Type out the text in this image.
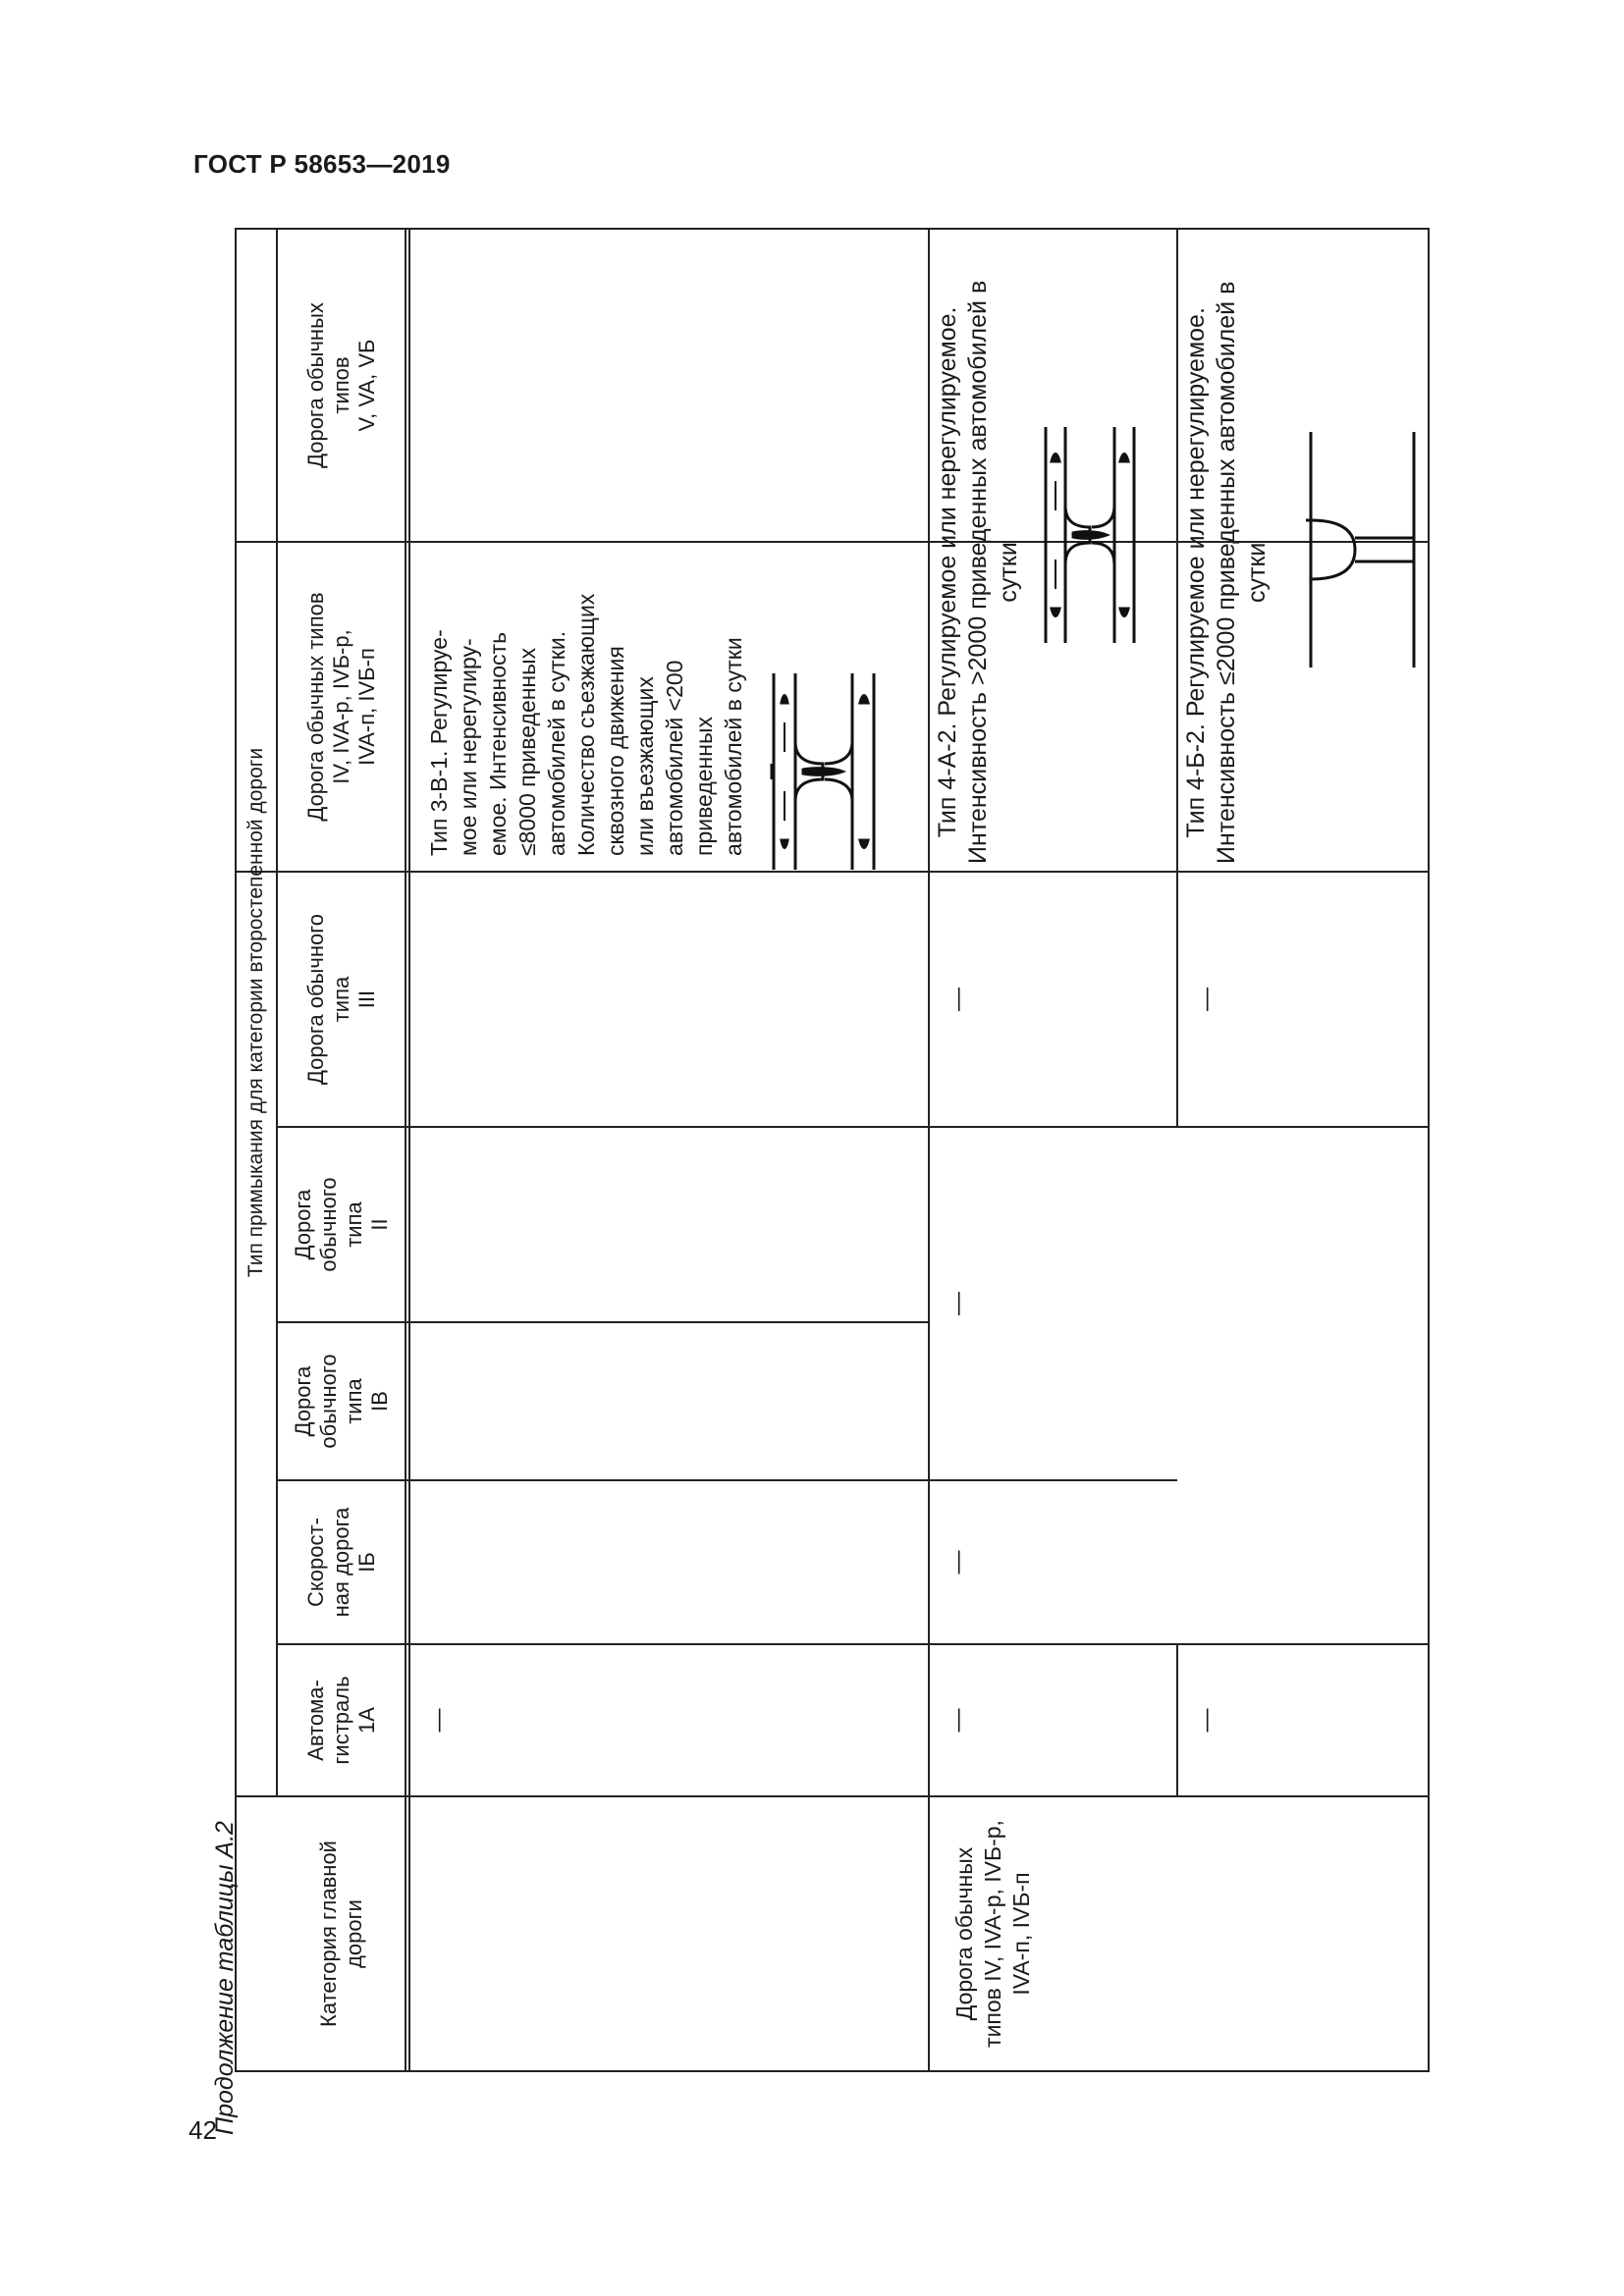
ГОСТ Р 58653—2019
42
Продолжение таблицы А.2	Категория главной
дороги
Тип примыкания для категории второстепенной дороги
Автома-
гистраль
1А
Скорост-
ная дорога
IБ
Дорога
обычного
типа
IВ
Дорога
обычного
типа
II
Дорога обычного
типа
III
Дорога обычных типов
IV, IVA-р, IVБ-р,
IVA-п, IVБ-п
Дорога обычных
типов
V, VA, VБ
—
Тип 3-В-1. Регулируе-
мое или нерегулиру-
емое. Интенсивность
≤8000 приведенных
автомобилей в сутки.
Количество съезжающих
сквозного движения
или въезжающих
автомобилей <200
приведенных
автомобилей в сутки
Дорога обычных
типов IV, IVA-р, IVБ-р,
IVA-п, IVБ-п
—
—
—
—
Тип 4-А-2. Регулируемое или нерегулируемое.
Интенсивность >2000 приведенных автомобилей в
сутки
—
—
Тип 4-Б-2. Регулируемое или нерегулируемое.
Интенсивность ≤2000 приведенных автомобилей в
сутки
